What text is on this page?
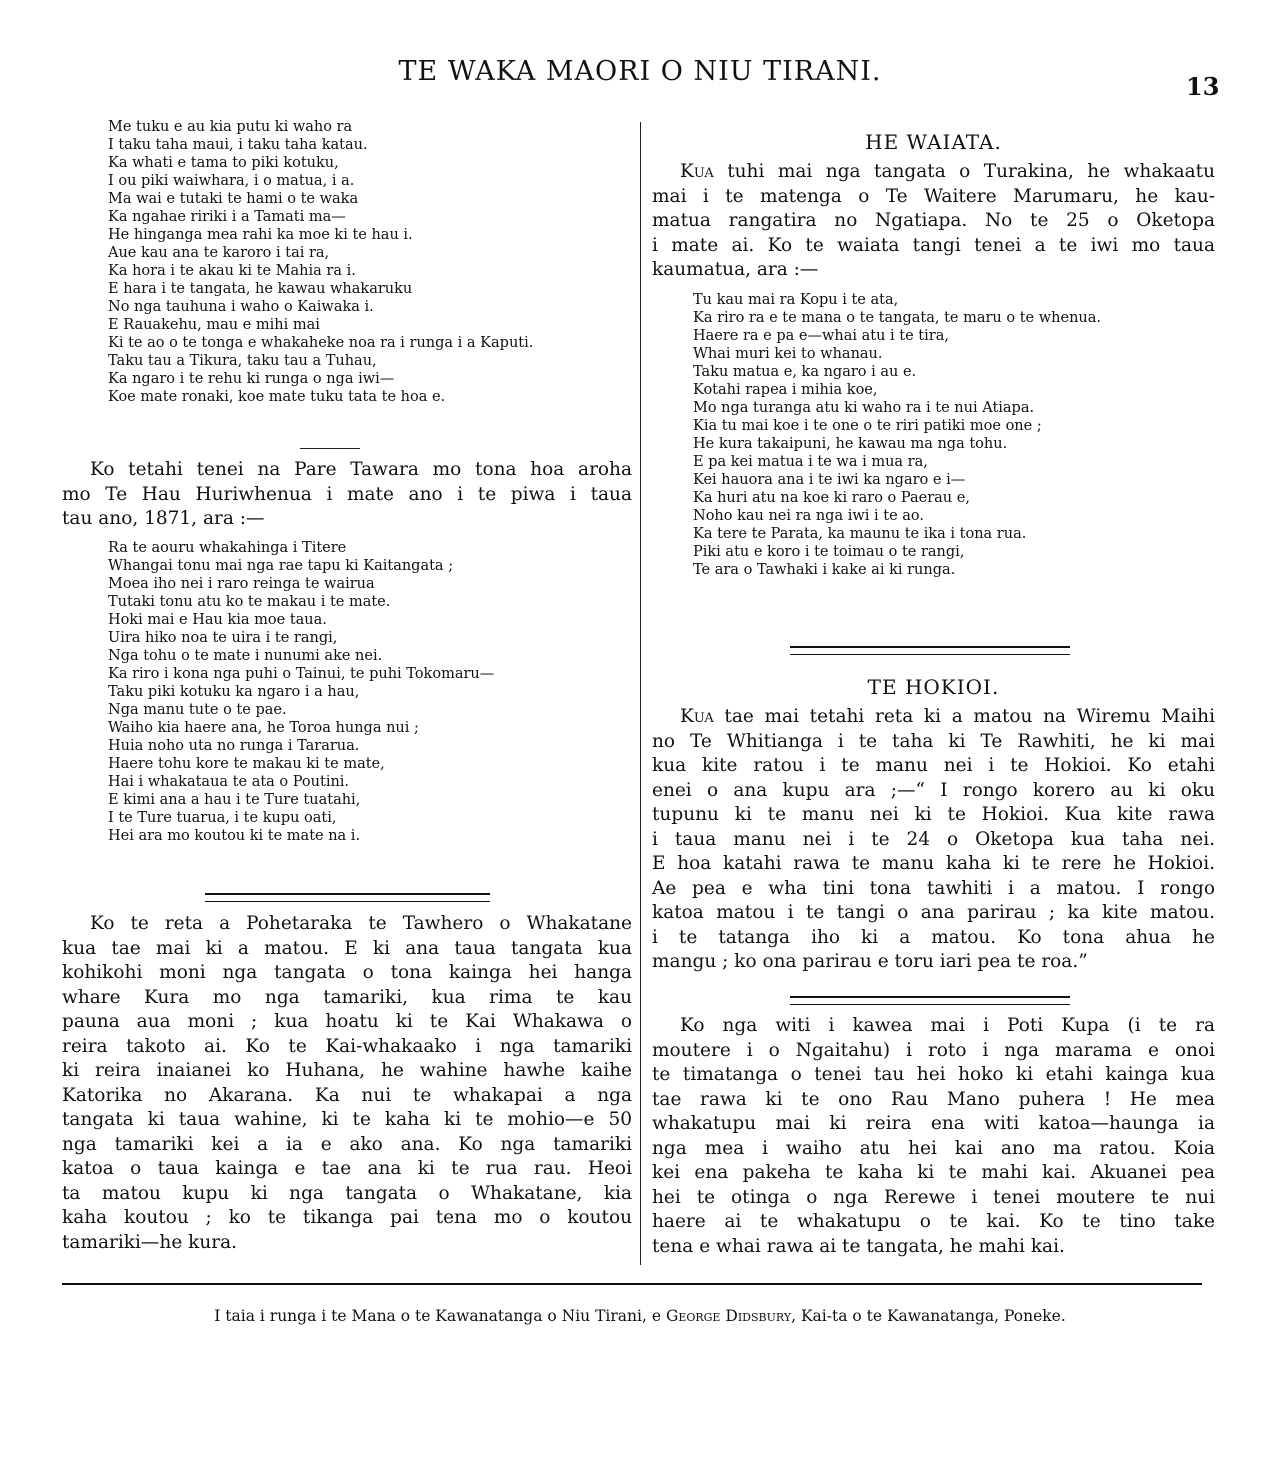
TE WAKA MAORI O NIU TIRANI.	13
Me tuku e au kia putu ki waho ra
I taku taha maui, i taku taha katau.
Ka whati e tama to piki kotuku,
I ou piki waiwhara, i o matua, i a.
Ma wai e tutaki te hami o te waka
Ka ngahae ririki i a Tamati ma—
He hinganga mea rahi ka moe ki te hau i.
Aue kau ana te karoro i tai ra,
Ka hora i te akau ki te Mahia ra i.
E hara i te tangata, he kawau whakaruku
No nga tauhuna i waho o Kaiwaka i.
E Rauakehu, mau e mihi mai
Ki te ao o te tonga e whakaheke noa ra i runga i a Kaputi.
Taku tau a Tikura, taku tau a Tuhau,
Ka ngaro i te rehu ki runga o nga iwi—
Koe mate ronaki, koe mate tuku tata te hoa e.
Ko tetahi tenei na Pare Tawara mo tona hoa aroha
mo Te Hau Huriwhenua i mate ano i te piwa i taua
tau ano, 1871, ara :—
Ra te aouru whakahinga i Titere
Whangai tonu mai nga rae tapu ki Kaitangata ;
Moea iho nei i raro reinga te wairua
Tutaki tonu atu ko te makau i te mate.
Hoki mai e Hau kia moe taua.
Uira hiko noa te uira i te rangi,
Nga tohu o te mate i nunumi ake nei.
Ka riro i kona nga puhi o Tainui, te puhi Tokomaru—
Taku piki kotuku ka ngaro i a hau,
Nga manu tute o te pae.
Waiho kia haere ana, he Toroa hunga nui ;
Huia noho uta no runga i Tararua.
Haere tohu kore te makau ki te mate,
Hai i whakataua te ata o Poutini.
E kimi ana a hau i te Ture tuatahi,
I te Ture tuarua, i te kupu oati,
Hei ara mo koutou ki te mate na i.
Ko te reta a Pohetaraka te Tawhero o Whakatane
kua tae mai ki a matou. E ki ana taua tangata kua
kohikohi moni nga tangata o tona kainga hei hanga
whare Kura mo nga tamariki, kua rima te kau
pauna aua moni ; kua hoatu ki te Kai Whakawa o
reira takoto ai. Ko te Kai-whakaako i nga tamariki
ki reira inaianei ko Huhana, he wahine hawhe kaihe
Katorika no Akarana. Ka nui te whakapai a nga
tangata ki taua wahine, ki te kaha ki te mohio—e 50
nga tamariki kei a ia e ako ana. Ko nga tamariki
katoa o taua kainga e tae ana ki te rua rau. Heoi
ta matou kupu ki nga tangata o Whakatane, kia
kaha koutou ; ko te tikanga pai tena mo o koutou
tamariki—he kura.
HE WAIATA.
Kua tuhi mai nga tangata o Turakina, he whakaatu
mai i te matenga o Te Waitere Marumaru, he kau-
matua rangatira no Ngatiapa. No te 25 o Oketopa
i mate ai. Ko te waiata tangi tenei a te iwi mo taua
kaumatua, ara :—
Tu kau mai ra Kopu i te ata,
Ka riro ra e te mana o te tangata, te maru o te whenua.
Haere ra e pa e—whai atu i te tira,
Whai muri kei to whanau.
Taku matua e, ka ngaro i au e.
Kotahi rapea i mihia koe,
Mo nga turanga atu ki waho ra i te nui Atiapa.
Kia tu mai koe i te one o te riri patiki moe one ;
He kura takaipuni, he kawau ma nga tohu.
E pa kei matua i te wa i mua ra,
Kei hauora ana i te iwi ka ngaro e i—
Ka huri atu na koe ki raro o Paerau e,
Noho kau nei ra nga iwi i te ao.
Ka tere te Parata, ka maunu te ika i tona rua.
Piki atu e koro i te toimau o te rangi,
Te ara o Tawhaki i kake ai ki runga.
TE HOKIOI.
Kua tae mai tetahi reta ki a matou na Wiremu Maihi
no Te Whitianga i te taha ki Te Rawhiti, he ki mai
kua kite ratou i te manu nei i te Hokioi. Ko etahi
enei o ana kupu ara ;—“ I rongo korero au ki oku
tupunu ki te manu nei ki te Hokioi. Kua kite rawa
i taua manu nei i te 24 o Oketopa kua taha nei.
E hoa katahi rawa te manu kaha ki te rere he Hokioi.
Ae pea e wha tini tona tawhiti i a matou. I rongo
katoa matou i te tangi o ana parirau ; ka kite matou.
i te tatanga iho ki a matou. Ko tona ahua he
mangu ; ko ona parirau e toru iari pea te roa.”
Ko nga witi i kawea mai i Poti Kupa (i te ra
moutere i o Ngaitahu) i roto i nga marama e onoi
te timatanga o tenei tau hei hoko ki etahi kainga kua
tae rawa ki te ono Rau Mano puhera ! He mea
whakatupu mai ki reira ena witi katoa—haunga ia
nga mea i waiho atu hei kai ano ma ratou. Koia
kei ena pakeha te kaha ki te mahi kai. Akuanei pea
hei te otinga o nga Rerewe i tenei moutere te nui
haere ai te whakatupu o te kai. Ko te tino take
tena e whai rawa ai te tangata, he mahi kai.
I taia i runga i te Mana o te Kawanatanga o Niu Tirani, e George Didsbury, Kai-ta o te Kawanatanga, Poneke.
